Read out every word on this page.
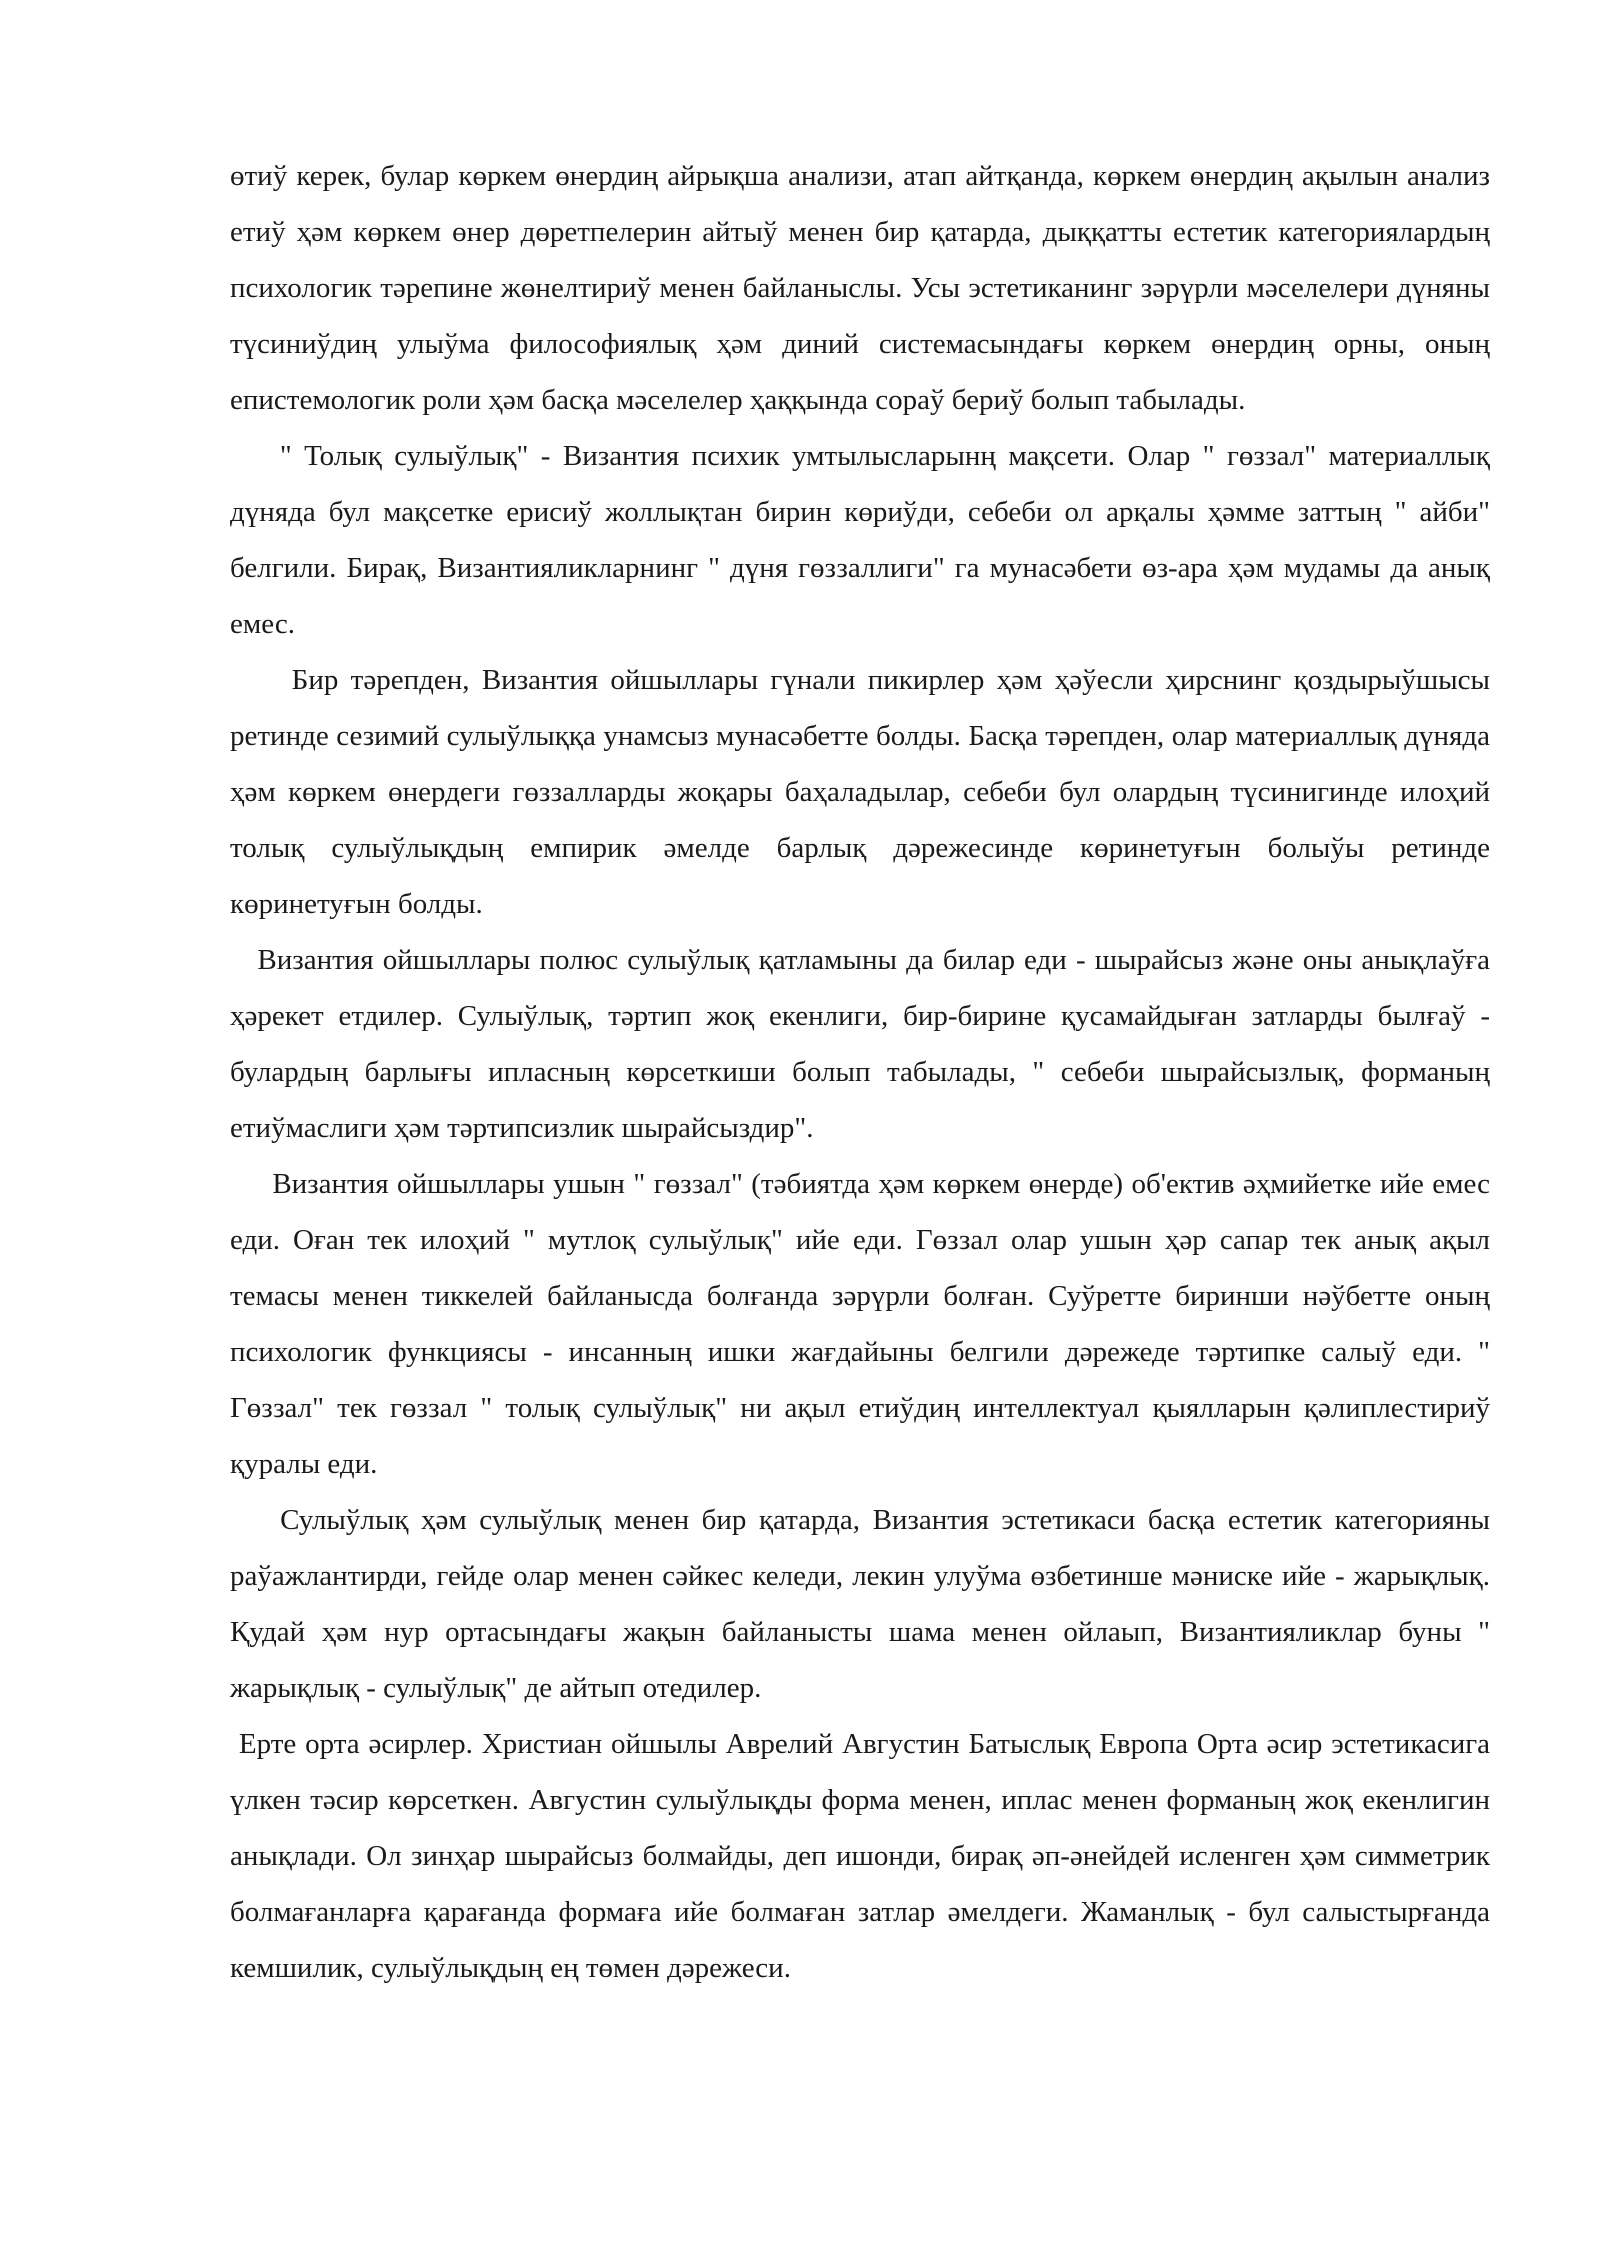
өтиў керек, булар көркем өнердиң айрықша анализи, атап айтқанда, көркем өнердиң ақылын анализ етиў ҳәм көркем өнер дөретпелерин айтыў менен бир қатарда, дыққатты естетик категориялардың психологик тәрепине жөнелтириў менен байланыслы. Усы эстетиканинг зәрүрли мәселелери дүняны түсиниўдиң улыўма философиялық ҳәм диний системасындағы көркем өнердиң орны, оның епистемологик роли ҳәм басқа мәселелер ҳаққында сораў бериў болып табылады.

" Толық сулыўлық" - Византия психик умтылысларынң мақсети. Олар " гөззал" материаллық дүняда бул мақсетке ерисиў жоллықтан бирин көриўди, себеби ол арқалы ҳәмме заттың " айби" белгили. Бирақ, Византияликларнинг " дүня гөззаллиги" га мунасәбети өз-ара ҳәм мудамы да анық емес.

Бир тәрепден, Византия ойшыллары гүнали пикирлер ҳәм ҳәўесли ҳирснинг қоздырыўшысы ретинде сезимий сулыўлыққа унамсыз мунасәбетте болды. Басқа тәрепден, олар материаллық дүняда ҳәм көркем өнердеги гөззалларды жоқары баҳаладылар, себеби бул олардың түсинигинде илоҳий толық сулыўлықдың емпирик әмелде барлық дәрежесинде көринетуғын болыўы ретинде көринетуғын болды.

Византия ойшыллары полюс сулыўлық қатламыны да билар еди - шырайсыз және оны анықлаўға ҳәрекет етдилер. Сулыўлық, тәртип жоқ екенлиги, бир-бирине қусамайдыған затларды былғаў - булардың барлығы ипласның көрсеткиши болып табылады, " себеби шырайсызлық, форманың етиўмаслиги ҳәм тәртипсизлик шырайсыздир".

Византия ойшыллары ушын " гөззал" (тәбиятда ҳәм көркем өнерде) об'ектив әҳмийетке ийе емес еди. Оған тек илоҳий " мутлоқ сулыўлық" ийе еди. Гөззал олар ушын ҳәр сапар тек анық ақыл темасы менен тиккелей байланысда болғанда зәрүрли болған. Суўретте биринши нәўбетте оның психологик функциясы - инсанның ишки жағдайыны белгили дәрежеде тәртипке салыў еди. " Гөззал" тек гөззал " толық сулыўлық" ни ақыл етиўдиң интеллектуал қыялларын қәлиплестириў қуралы еди.

Сулыўлық ҳәм сулыўлық менен бир қатарда, Византия эстетикаси басқа естетик категорияны раўажлантирди, гейде олар менен сәйкес келеди, лекин улуўма өзбетинше мәниске ийе - жарықлық. Қудай ҳәм нур ортасындағы жақын байланысты шама менен ойлаып, Византияликлар буны " жарықлық - сулыўлық" де айтып отедилер.

Ерте орта әсирлер. Христиан ойшылы Аврелий Августин Батыслық Европа Орта әсир эстетикасига үлкен тәсир көрсеткен. Августин сулыўлықды форма менен, иплас менен форманың жоқ екенлигин анықлади. Ол зинҳар шырайсыз болмайды, деп ишонди, бирақ әп-әнейдей исленген ҳәм симметрик болмағанларға қарағанда формаға ийе болмаған затлар әмелдеги. Жаманлық - бул салыстырғанда кемшилик, сулыўлықдың ең төмен дәрежеси.
